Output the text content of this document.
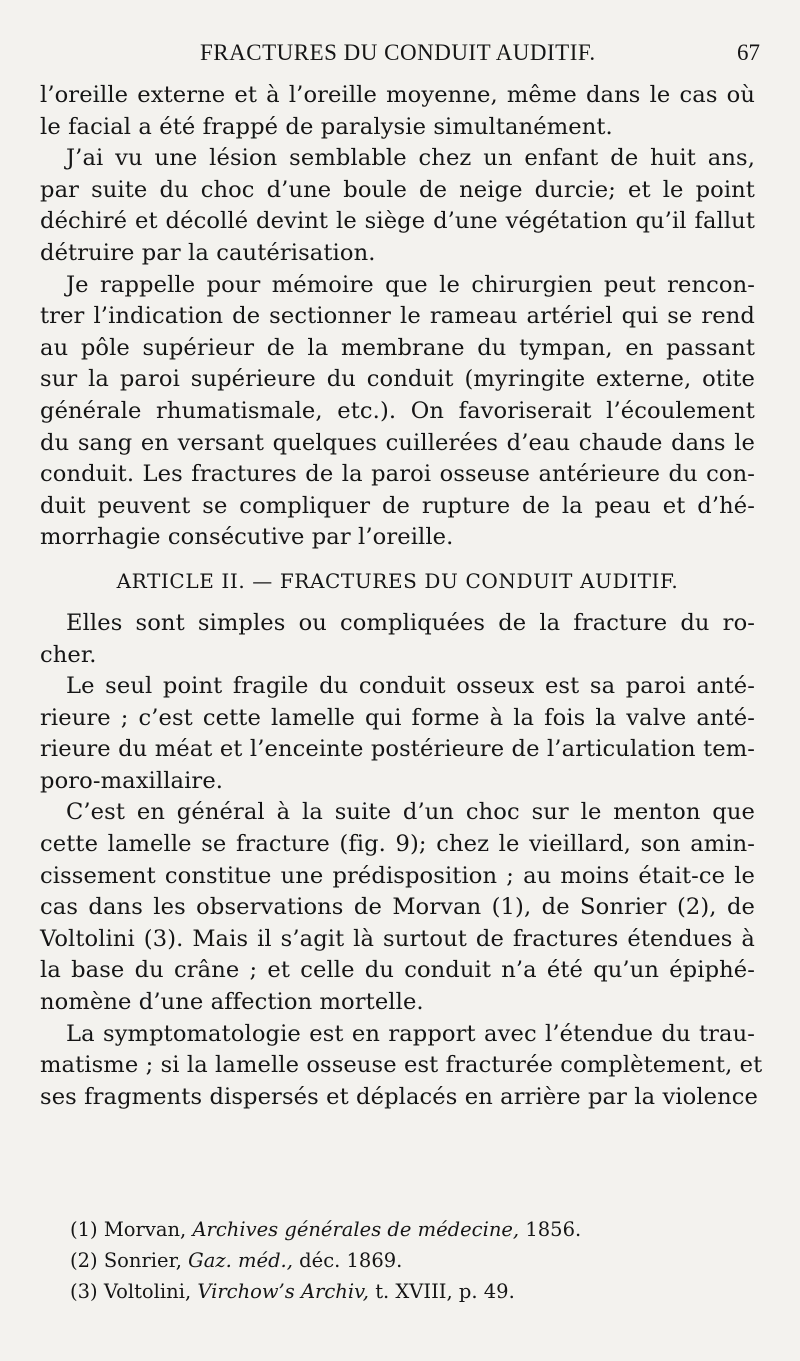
FRACTURES DU CONDUIT AUDITIF.	67
l’oreille externe et à l’oreille moyenne, même dans le cas où
le facial a été frappé de paralysie simultanément.
J’ai vu une lésion semblable chez un enfant de huit ans,
par suite du choc d’une boule de neige durcie; et le point
déchiré et décollé devint le siège d’une végétation qu’il fallut
détruire par la cautérisation.
Je rappelle pour mémoire que le chirurgien peut rencon-
trer l’indication de sectionner le rameau artériel qui se rend
au pôle supérieur de la membrane du tympan, en passant
sur la paroi supérieure du conduit (myringite externe, otite
générale rhumatismale, etc.). On favoriserait l’écoulement
du sang en versant quelques cuillerées d’eau chaude dans le
conduit. Les fractures de la paroi osseuse antérieure du con-
duit peuvent se compliquer de rupture de la peau et d’hé-
morrhagie consécutive par l’oreille.
ARTICLE II. — FRACTURES DU CONDUIT AUDITIF.
Elles sont simples ou compliquées de la fracture du ro-
cher.
Le seul point fragile du conduit osseux est sa paroi anté-
rieure ; c’est cette lamelle qui forme à la fois la valve anté-
rieure du méat et l’enceinte postérieure de l’articulation tem-
poro-maxillaire.
C’est en général à la suite d’un choc sur le menton que
cette lamelle se fracture (fig. 9); chez le vieillard, son amin-
cissement constitue une prédisposition ; au moins était-ce le
cas dans les observations de Morvan (1), de Sonrier (2), de
Voltolini (3). Mais il s’agit là surtout de fractures étendues à
la base du crâne ; et celle du conduit n’a été qu’un épiphé-
nomène d’une affection mortelle.
La symptomatologie est en rapport avec l’étendue du trau-
matisme ; si la lamelle osseuse est fracturée complètement, et
ses fragments dispersés et déplacés en arrière par la violence
(1) Morvan, Archives générales de médecine, 1856.
(2) Sonrier, Gaz. méd., déc. 1869.
(3) Voltolini, Virchow’s Archiv, t. XVIII, p. 49.
